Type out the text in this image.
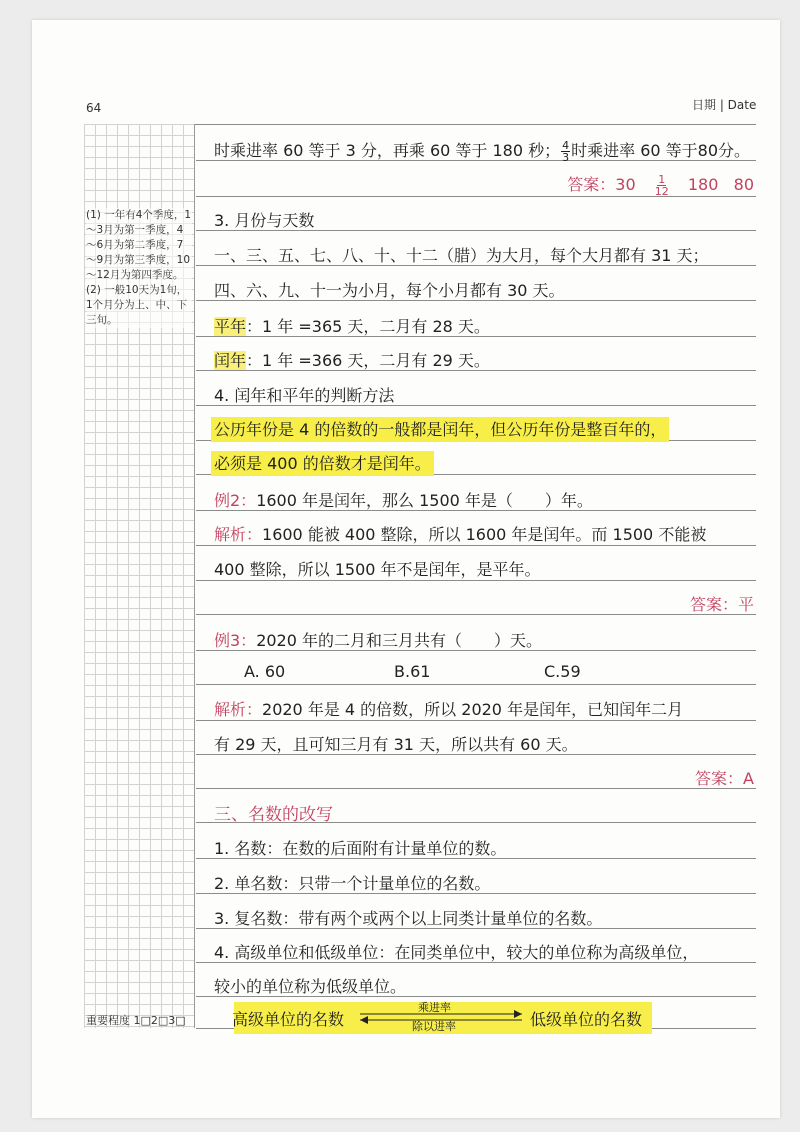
64	日期 | Date

(1) 一年有4个季度，1～3月为第一季度，4～6月为第二季度，7～9月为第三季度，10～12月为第四季度。

(2) 一般10天为1旬，1个月分为上、中、下三旬。

重要程度 1□2□3□
时乘进率 60 等于 3 分，再乘 60 等于 180 秒； $\frac{4}{3}$ 时乘进率 60 等于80分。
答案：$30 \frac{1}{12} 180$   80
3. 月份与天数
一、三、五、七、八、十、十二（腊）为大月，每个大月都有 31 天；
四、六、九、十一为小月，每个小月都有 30 天。
平年：1 年 =365 天，二月有 28 天。
闰年：1 年 =366 天，二月有 29 天。
4. 闰年和平年的判断方法
公历年份是 4 的倍数的一般都是闰年，但公历年份是整百年的，
必须是 400 的倍数才是闰年。
例2：1600 年是闰年，那么 1500 年是（　　）年。
解析：1600 能被 400 整除，所以 1600 年是闰年。而 1500 不能被
400 整除，所以 1500 年不是闰年，是平年。
答案：平
例3：2020 年的二月和三月共有（　　）天。
A. 60	B.61	C.59
解析：2020 年是 4 的倍数，所以 2020 年是闰年，已知闰年二月
有 29 天，且可知三月有 31 天，所以共有 60 天。
答案：A
三、名数的改写
1. 名数：在数的后面附有计量单位的数。
2. 单名数：只带一个计量单位的名数。
3. 复名数：带有两个或两个以上同类计量单位的名数。
4. 高级单位和低级单位：在同类单位中，较大的单位称为高级单位，
较小的单位称为低级单位。
高级单位的名数
乘进率
除以进率	低级单位的名数
